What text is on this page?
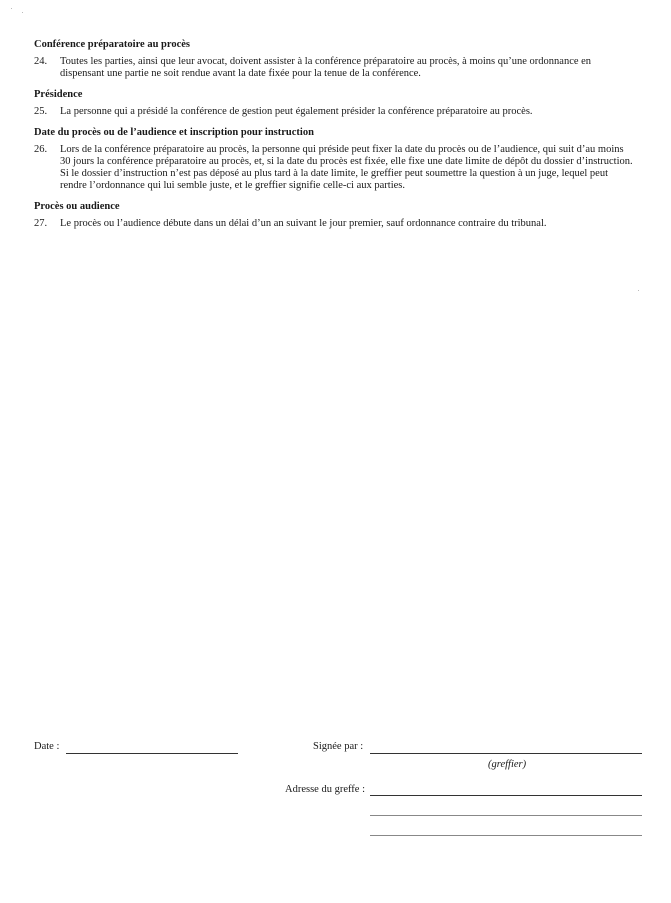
Conférence préparatoire au procès
24.	Toutes les parties, ainsi que leur avocat, doivent assister à la conférence préparatoire au procès, à moins qu’une ordonnance en dispensant une partie ne soit rendue avant la date fixée pour la tenue de la conférence.
Présidence
25.	La personne qui a présidé la conférence de gestion peut également présider la conférence préparatoire au procès.
Date du procès ou de l’audience et inscription pour instruction
26.	Lors de la conférence préparatoire au procès, la personne qui préside peut fixer la date du procès ou de l’audience, qui suit d’au moins 30 jours la conférence préparatoire au procès, et, si la date du procès est fixée, elle fixe une date limite de dépôt du dossier d’instruction. Si le dossier d’instruction n’est pas déposé au plus tard à la date limite, le greffier peut soumettre la question à un juge, lequel peut rendre l’ordonnance qui lui semble juste, et le greffier signifie celle-ci aux parties.
Procès ou audience
27.	Le procès ou l’audience débute dans un délai d’un an suivant le jour premier, sauf ordonnance contraire du tribunal.
Date :	Signée par :
(greffier)
Adresse du greffe :
